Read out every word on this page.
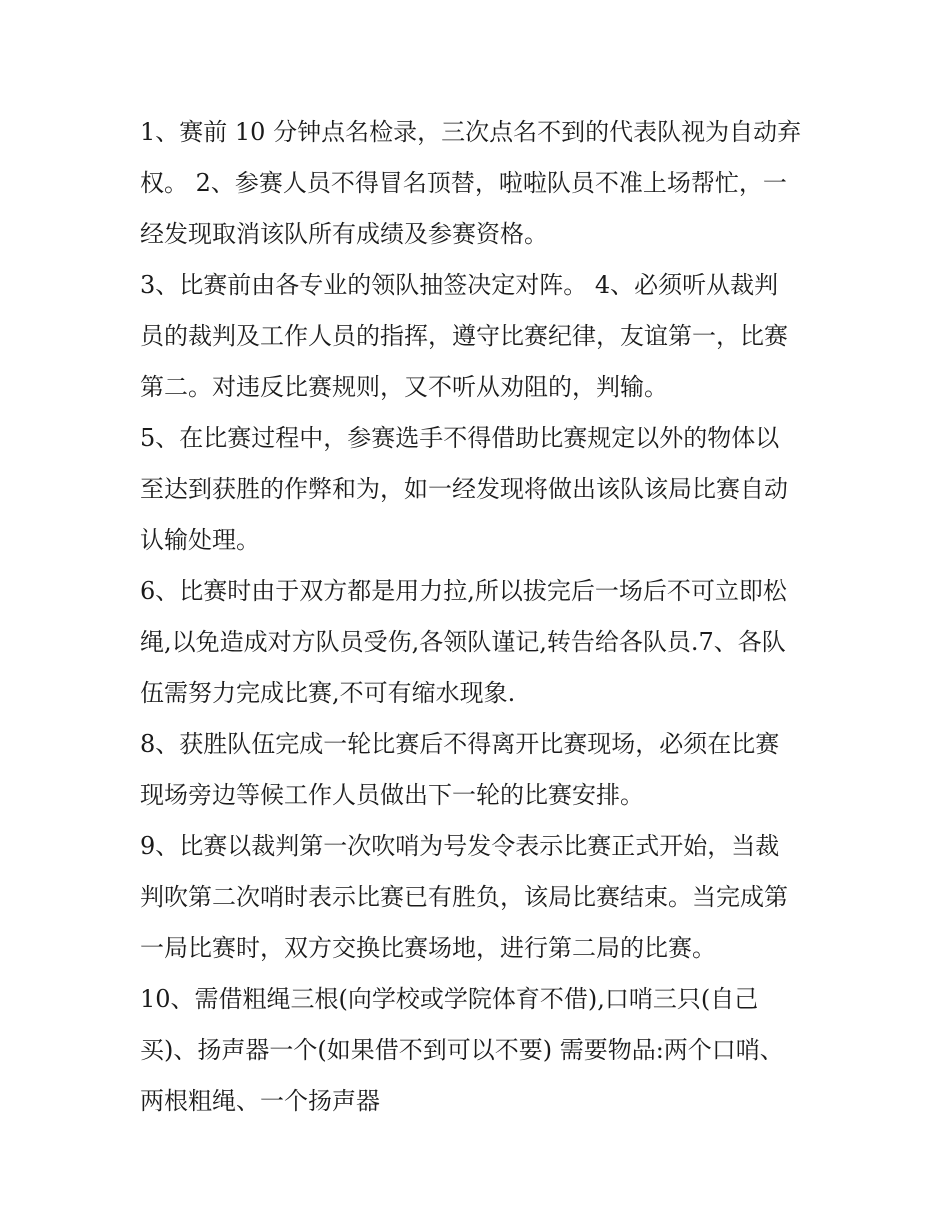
1、赛前 10 分钟点名检录，三次点名不到的代表队视为自动弃
权。 2、参赛人员不得冒名顶替，啦啦队员不准上场帮忙，一
经发现取消该队所有成绩及参赛资格。
3、比赛前由各专业的领队抽签决定对阵。 4、必须听从裁判
员的裁判及工作人员的指挥，遵守比赛纪律，友谊第一，比赛
第二。对违反比赛规则，又不听从劝阻的，判输。
5、在比赛过程中，参赛选手不得借助比赛规定以外的物体以
至达到获胜的作弊和为，如一经发现将做出该队该局比赛自动
认输处理。
6、比赛时由于双方都是用力拉,所以拔完后一场后不可立即松
绳,以免造成对方队员受伤,各领队谨记,转告给各队员.7、各队
伍需努力完成比赛,不可有缩水现象.
8、获胜队伍完成一轮比赛后不得离开比赛现场，必须在比赛
现场旁边等候工作人员做出下一轮的比赛安排。
9、比赛以裁判第一次吹哨为号发令表示比赛正式开始，当裁
判吹第二次哨时表示比赛已有胜负，该局比赛结束。当完成第
一局比赛时，双方交换比赛场地，进行第二局的比赛。
10、需借粗绳三根(向学校或学院体育不借),口哨三只(自己
买)、扬声器一个(如果借不到可以不要) 需要物品:两个口哨、
两根粗绳、一个扬声器
